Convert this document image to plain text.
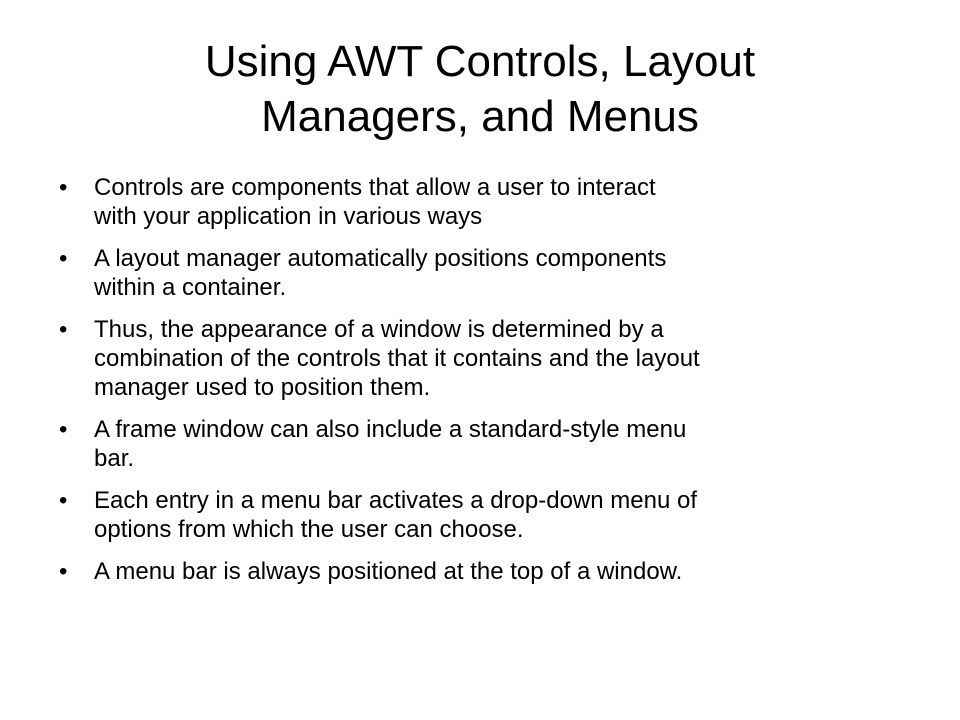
Using AWT Controls, Layout
Managers, and Menus
•	Controls are components that allow a user to interact
with your application in various ways
•	A layout manager automatically positions components
within a container.
•	Thus, the appearance of a window is determined by a
combination of the controls that it contains and the layout
manager used to position them.
•	A frame window can also include a standard-style menu
bar.
•	Each entry in a menu bar activates a drop-down menu of
options from which the user can choose.
•	A menu bar is always positioned at the top of a window.
